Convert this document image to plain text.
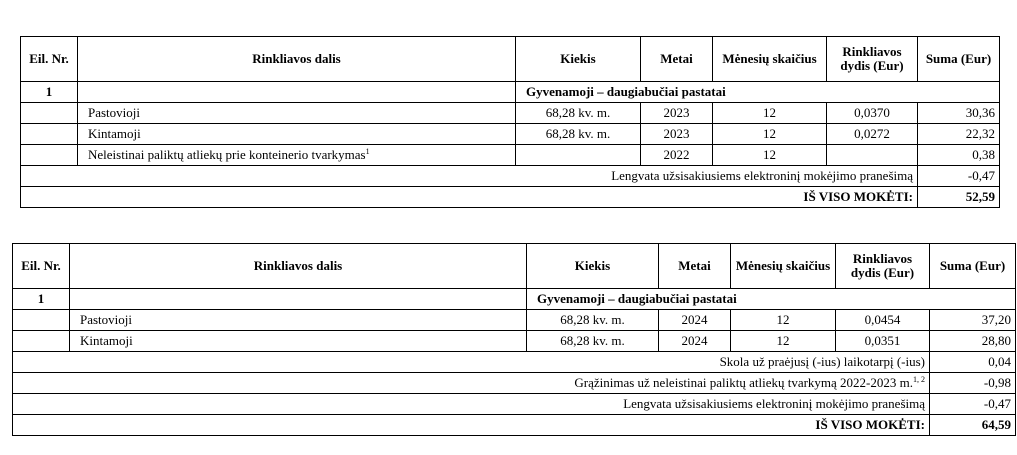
Eil. Nr.	Rinkliavos dalis	Kiekis	Metai	Mėnesių skaičius	Rinkliavos dydis (Eur)	Suma (Eur)
1		Gyvenamoji – daugiabučiai pastatai				
	Pastovioji	68,28 kv. m.	2023	12	0,0370	30,36
	Kintamoji	68,28 kv. m.	2023	12	0,0272	22,32
	Neleistinai paliktų atliekų prie konteinerio tvarkymas$^1$		2022	12		0,38
Lengvata užsisakiusiems elektroninį mokėjimo pranešimą						-0,47
IŠ VISO MOKĖTI:						52,59
Eil. Nr.	Rinkliavos dalis	Kiekis	Metai	Mėnesių skaičius	Rinkliavos dydis (Eur)	Suma (Eur)
1		Gyvenamoji – daugiabučiai pastatai				
	Pastovioji	68,28 kv. m.	2024	12	0,0454	37,20
	Kintamoji	68,28 kv. m.	2024	12	0,0351	28,80
Skola už praėjusį (-ius) laikotarpį (-ius)						0,04
Grąžinimas už neleistinai paliktų atliekų tvarkymą 2022-2023 m.$^{1, 2}$						-0,98
Lengvata užsisakiusiems elektroninį mokėjimo pranešimą						-0,47
IŠ VISO MOKĖTI:						64,59
